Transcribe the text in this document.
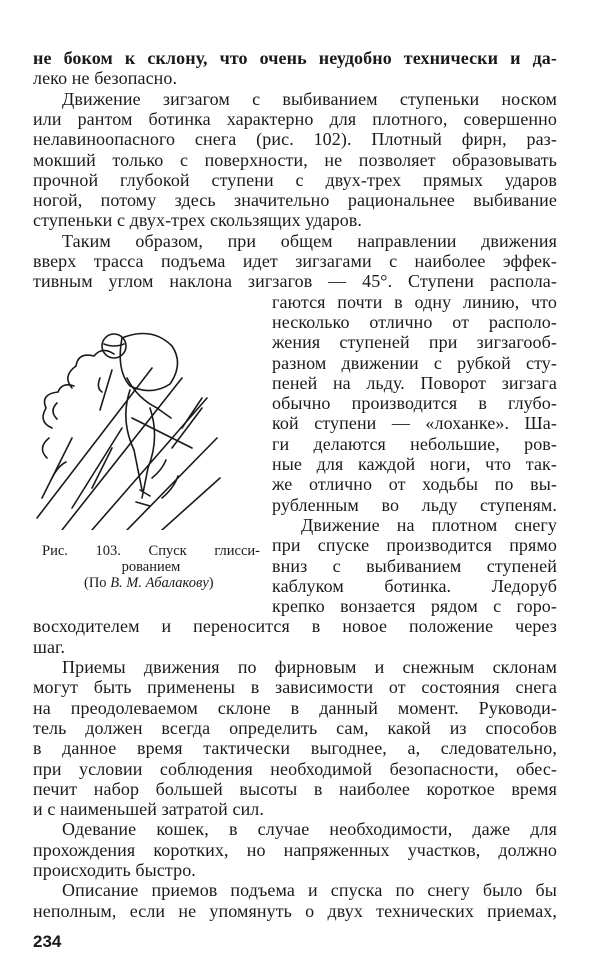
не боком к склону, что очень неудобно технически и да-
леко не безопасно.
Движение зигзагом с выбиванием ступеньки носком
или рантом ботинка характерно для плотного, совершенно
нелавиноопасного снега (рис. 102). Плотный фирн, раз-
мокший только с поверхности, не позволяет образовывать
прочной глубокой ступени с двух-трех прямых ударов
ногой, потому здесь значительно рациональнее выбивание
ступеньки с двух-трех скользящих ударов.
Таким образом, при общем направлении движения
вверх трасса подъема идет зигзагами с наиболее эффек-
тивным углом наклона зигзагов — 45°. Ступени распола-
гаются почти в одну линию, что
несколько отлично от располо-
жения ступеней при зигзагооб-
разном движении с рубкой сту-
пеней на льду. Поворот зигзага
обычно производится в глубо-
кой ступени — «лоханке». Ша-
ги делаются небольшие, ров-
ные для каждой ноги, что так-
же отлично от ходьбы по вы-
рубленным во льду ступеням.
Движение на плотном снегу
при спуске производится прямо
вниз с выбиванием ступеней
каблуком ботинка. Ледоруб
крепко вонзается рядом с горо-
восходителем и переносится в новое положение через
шаг.
Приемы движения по фирновым и снежным склонам
могут быть применены в зависимости от состояния снега
на преодолеваемом склоне в данный момент. Руководи-
тель должен всегда определить сам, какой из способов
в данное время тактически выгоднее, а, следовательно,
при условии соблюдения необходимой безопасности, обес-
печит набор большей высоты в наиболее короткое время
и с наименьшей затратой сил.
Одевание кошек, в случае необходимости, даже для
прохождения коротких, но напряженных участков, должно
происходить быстро.
Описание приемов подъема и спуска по снегу было бы
неполным, если не упомянуть о двух технических приемах,
Рис. 103. Спуск глисси-
рованием
(По В. М. Абалакову)
234
